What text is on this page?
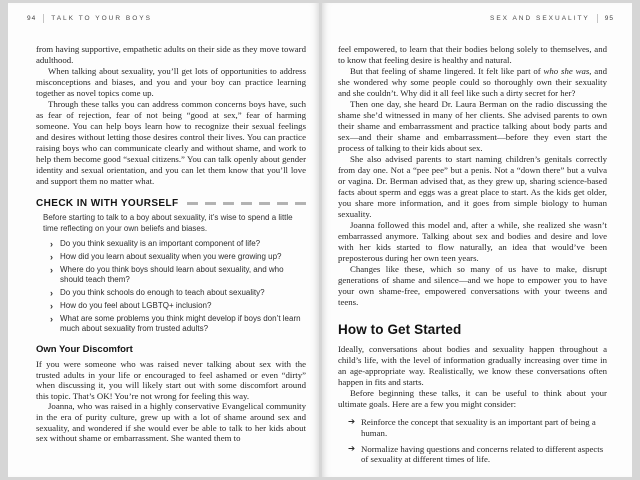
94 TALK TO YOUR BOYS

from having supportive, empathetic adults on their side as they move toward adulthood.

When talking about sexuality, you’ll get lots of opportunities to address misconceptions and biases, and you and your boy can practice learning together as novel topics come up.

Through these talks you can address common concerns boys have, such as fear of rejection, fear of not being “good at sex,” fear of harming someone. You can help boys learn how to recognize their sexual feelings and desires without letting those desires control their lives. You can practice raising boys who can communicate clearly and without shame, and work to help them become good “sexual citizens.” You can talk openly about gender identity and sexual orientation, and you can let them know that you’ll love and support them no matter what.

CHECK IN WITH YOURSELF

Before starting to talk to a boy about sexuality, it’s wise to spend a little time reflecting on your own beliefs and biases.

› Do you think sexuality is an important component of life?
› How did you learn about sexuality when you were growing up?
› Where do you think boys should learn about sexuality, and who should teach them?
› Do you think schools do enough to teach about sexuality?
› How do you feel about LGBTQ+ inclusion?
› What are some problems you think might develop if boys don’t learn much about sexuality from trusted adults?
Own Your Discomfort

If you were someone who was raised never talking about sex with the trusted adults in your life or encouraged to feel ashamed or even “dirty” when discussing it, you will likely start out with some discomfort around this topic. That’s OK! You’re not wrong for feeling this way.

Joanna, who was raised in a highly conservative Evangelical community in the era of purity culture, grew up with a lot of shame around sex and sexuality, and wondered if she would ever be able to talk to her kids about sex without shame or embarrassment. She wanted them to

SEX AND SEXUALITY 95

feel empowered, to learn that their bodies belong solely to themselves, and to know that feeling desire is healthy and natural.

But that feeling of shame lingered. It felt like part of who she was, and she wondered why some people could so thoroughly own their sexuality and she couldn’t. Why did it all feel like such a dirty secret for her?

Then one day, she heard Dr. Laura Berman on the radio discussing the shame she’d witnessed in many of her clients. She advised parents to own their shame and embarrassment and practice talking about body parts and sex—and their shame and embarrassment—before they even start the process of talking to their kids about sex.

She also advised parents to start naming children’s genitals correctly from day one. Not a “pee pee” but a penis. Not a “down there” but a vulva or vagina. Dr. Berman advised that, as they grew up, sharing science-based facts about sperm and eggs was a great place to start. As the kids get older, you share more information, and it goes from simple biology to human sexuality.

Joanna followed this model and, after a while, she realized she wasn’t embarrassed anymore. Talking about sex and bodies and desire and love with her kids started to flow naturally, an idea that would’ve been preposterous during her own teen years.

Changes like these, which so many of us have to make, disrupt generations of shame and silence—and we hope to empower you to have your own shame-free, empowered conversations with your tweens and teens.

How to Get Started

Ideally, conversations about bodies and sexuality happen throughout a child’s life, with the level of information gradually increasing over time in an age-appropriate way. Realistically, we know these conversations often happen in fits and starts.

Before beginning these talks, it can be useful to think about your ultimate goals. Here are a few you might consider:

➔ Reinforce the concept that sexuality is an important part of being a human.
➔ Normalize having questions and concerns related to different aspects of sexuality at different times of life.
